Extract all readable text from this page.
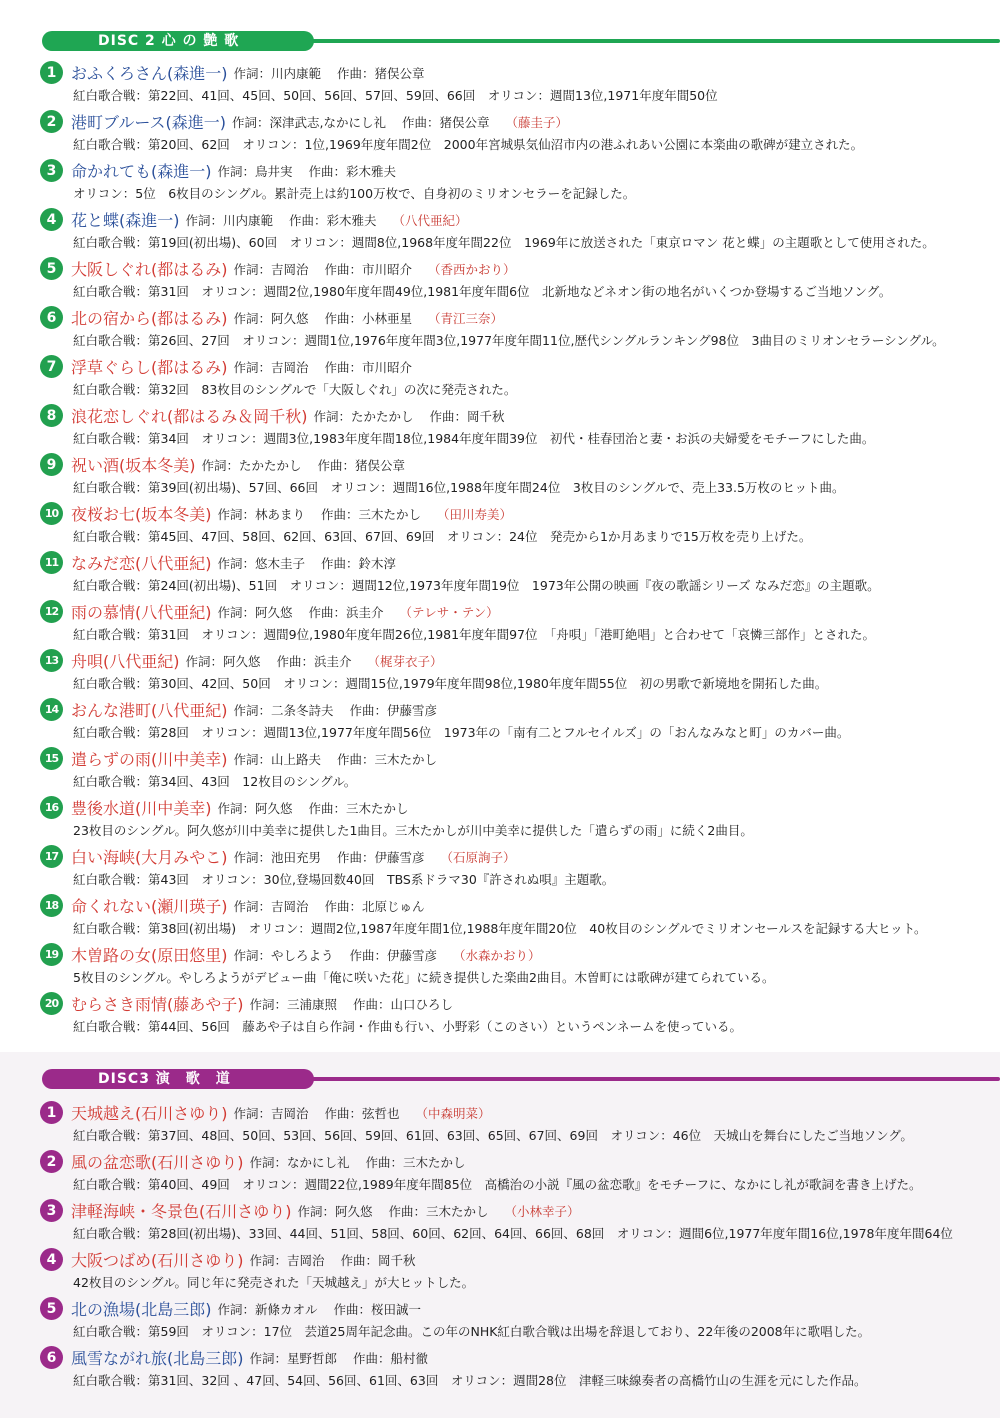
DISC 2 心 の 艶 歌
1 おふくろさん(森進一) 作詞：川内康範 作曲：猪俣公章
紅白歌合戦：第22回、41回、45回、50回、56回、57回、59回、66回　オリコン：週間13位,1971年度年間50位
2 港町ブルース(森進一) 作詞：深津武志,なかにし礼 作曲：猪俣公章 （藤圭子）
紅白歌合戦：第20回、62回　オリコン：1位,1969年度年間2位　2000年宮城県気仙沼市内の港ふれあい公園に本楽曲の歌碑が建立された。
3 命かれても(森進一) 作詞：鳥井実 作曲：彩木雅夫
オリコン：5位　6枚目のシングル。累計売上は約100万枚で、自身初のミリオンセラーを記録した。
4 花と蝶(森進一) 作詞：川内康範 作曲：彩木雅夫 （八代亜紀）
紅白歌合戦：第19回(初出場)、60回　オリコン：週間8位,1968年度年間22位　1969年に放送された「東京ロマン 花と蝶」の主題歌として使用された。
5 大阪しぐれ(都はるみ) 作詞：吉岡治 作曲：市川昭介 （香西かおり）
紅白歌合戦：第31回　オリコン：週間2位,1980年度年間49位,1981年度年間6位　北新地などネオン街の地名がいくつか登場するご当地ソング。
6 北の宿から(都はるみ) 作詞：阿久悠 作曲：小林亜星 （青江三奈）
紅白歌合戦：第26回、27回　オリコン：週間1位,1976年度年間3位,1977年度年間11位,歴代シングルランキング98位　3曲目のミリオンセラーシングル。
7 浮草ぐらし(都はるみ) 作詞：吉岡治 作曲：市川昭介
紅白歌合戦：第32回　83枚目のシングルで「大阪しぐれ」の次に発売された。
8 浪花恋しぐれ(都はるみ＆岡千秋) 作詞：たかたかし 作曲：岡千秋
紅白歌合戦：第34回　オリコン：週間3位,1983年度年間18位,1984年度年間39位　初代・桂春団治と妻・お浜の夫婦愛をモチーフにした曲。
9 祝い酒(坂本冬美) 作詞：たかたかし 作曲：猪俣公章
紅白歌合戦：第39回(初出場)、57回、66回　オリコン：週間16位,1988年度年間24位　3枚目のシングルで、売上33.5万枚のヒット曲。
10 夜桜お七(坂本冬美) 作詞：林あまり 作曲：三木たかし （田川寿美）
紅白歌合戦：第45回、47回、58回、62回、63回、67回、69回　オリコン：24位　発売から1か月あまりで15万枚を売り上げた。
11 なみだ恋(八代亜紀) 作詞：悠木圭子 作曲：鈴木淳
紅白歌合戦：第24回(初出場)、51回　オリコン：週間12位,1973年度年間19位　1973年公開の映画『夜の歌謡シリーズ なみだ恋』の主題歌。
12 雨の慕情(八代亜紀) 作詞：阿久悠 作曲：浜圭介 （テレサ・テン）
紅白歌合戦：第31回　オリコン：週間9位,1980年度年間26位,1981年度年間97位　「舟唄」「港町絶唱」と合わせて「哀憐三部作」とされた。
13 舟唄(八代亜紀) 作詞：阿久悠 作曲：浜圭介 （梶芽衣子）
紅白歌合戦：第30回、42回、50回　オリコン：週間15位,1979年度年間98位,1980年度年間55位　初の男歌で新境地を開拓した曲。
14 おんな港町(八代亜紀) 作詞：二条冬詩夫 作曲：伊藤雪彦
紅白歌合戦：第28回　オリコン：週間13位,1977年度年間56位　1973年の「南有二とフルセイルズ」の「おんなみなと町」のカバー曲。
15 遣らずの雨(川中美幸) 作詞：山上路夫 作曲：三木たかし
紅白歌合戦：第34回、43回　12枚目のシングル。
16 豊後水道(川中美幸) 作詞：阿久悠 作曲：三木たかし
23枚目のシングル。阿久悠が川中美幸に提供した1曲目。三木たかしが川中美幸に提供した「遣らずの雨」に続く2曲目。
17 白い海峡(大月みやこ) 作詞：池田充男 作曲：伊藤雪彦 （石原詢子）
紅白歌合戦：第43回　オリコン：30位,登場回数40回　TBS系ドラマ30『許されぬ唄』主題歌。
18 命くれない(瀬川瑛子) 作詞：吉岡治 作曲：北原じゅん
紅白歌合戦：第38回(初出場)　オリコン：週間2位,1987年度年間1位,1988年度年間20位　40枚目のシングルでミリオンセールスを記録する大ヒット。
19 木曽路の女(原田悠里) 作詞：やしろよう 作曲：伊藤雪彦 （水森かおり）
5枚目のシングル。やしろようがデビュー曲「俺に咲いた花」に続き提供した楽曲2曲目。木曽町には歌碑が建てられている。
20 むらさき雨情(藤あや子) 作詞：三浦康照 作曲：山口ひろし
紅白歌合戦：第44回、56回　藤あや子は自ら作詞・作曲も行い、小野彩（このさい）というペンネームを使っている。
DISC3 演　歌　道
1 天城越え(石川さゆり) 作詞：吉岡治 作曲：弦哲也 （中森明菜）
紅白歌合戦：第37回、48回、50回、53回、56回、59回、61回、63回、65回、67回、69回　オリコン：46位　天城山を舞台にしたご当地ソング。
2 風の盆恋歌(石川さゆり) 作詞：なかにし礼 作曲：三木たかし
紅白歌合戦：第40回、49回　オリコン：週間22位,1989年度年間85位　高橋治の小説『風の盆恋歌』をモチーフに、なかにし礼が歌詞を書き上げた。
3 津軽海峡・冬景色(石川さゆり) 作詞：阿久悠 作曲：三木たかし （小林幸子）
紅白歌合戦：第28回(初出場)、33回、44回、51回、58回、60回、62回、64回、66回、68回　オリコン：週間6位,1977年度年間16位,1978年度年間64位
4 大阪つばめ(石川さゆり) 作詞：吉岡治 作曲：岡千秋
42枚目のシングル。同じ年に発売された「天城越え」が大ヒットした。
5 北の漁場(北島三郎) 作詞：新條カオル 作曲：桜田誠一
紅白歌合戦：第59回　オリコン：17位　芸道25周年記念曲。この年のNHK紅白歌合戦は出場を辞退しており、22年後の2008年に歌唱した。
6 風雪ながれ旅(北島三郎) 作詞：星野哲郎 作曲：船村徹
紅白歌合戦：第31回、32回 、47回、54回、56回、61回、63回　オリコン：週間28位　津軽三味線奏者の高橋竹山の生涯を元にした作品。
